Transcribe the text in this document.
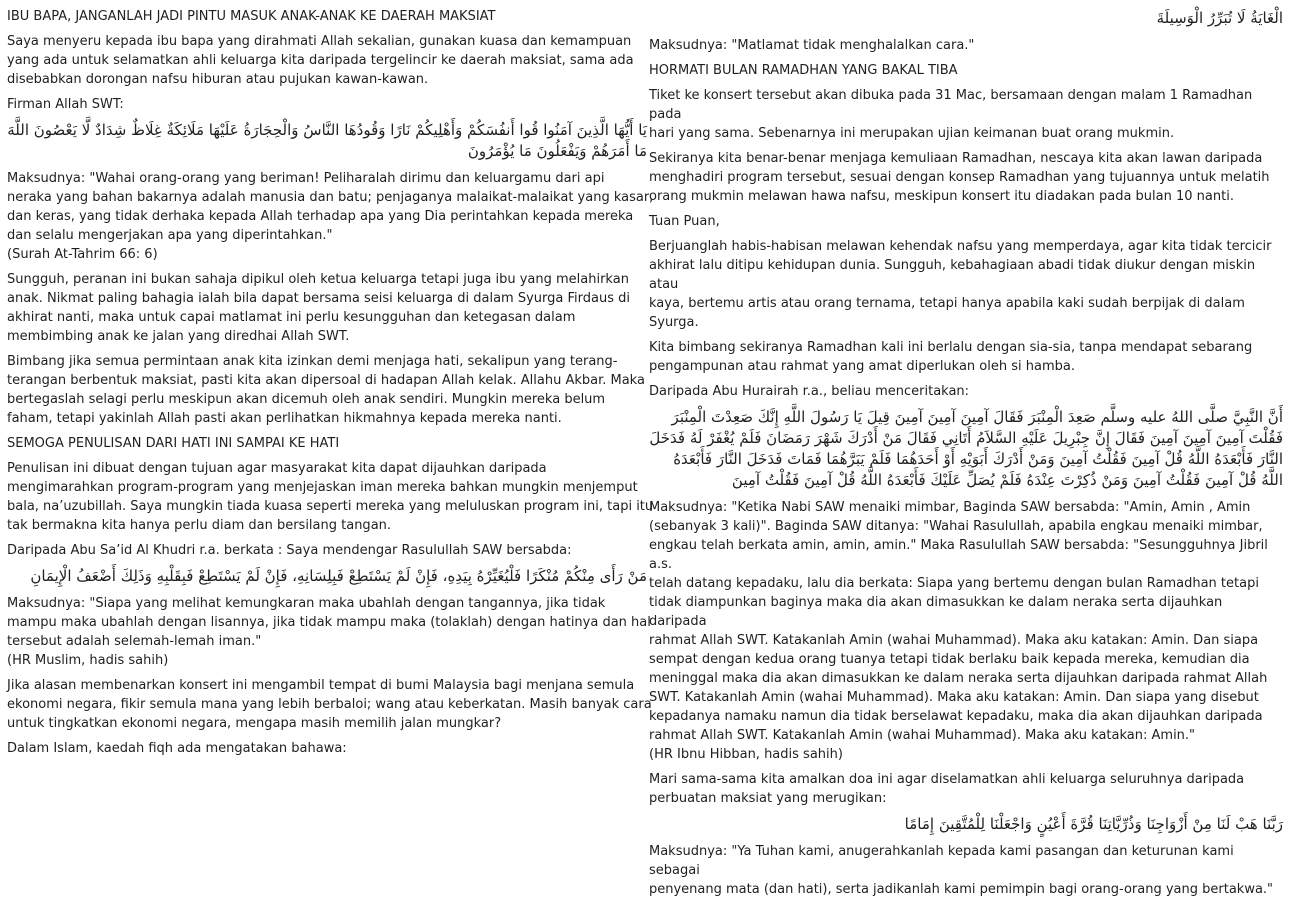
IBU BAPA, JANGANLAH JADI PINTU MASUK ANAK-ANAK KE DAERAH MAKSIAT

Saya menyeru kepada ibu bapa yang dirahmati Allah sekalian, gunakan kuasa dan kemampuan
yang ada untuk selamatkan ahli keluarga kita daripada tergelincir ke daerah maksiat, sama ada
disebabkan dorongan nafsu hiburan atau pujukan kawan-kawan.

Firman Allah SWT:

يَا أَيُّهَا الَّذِينَ آمَنُوا قُوا أَنفُسَكُمْ وَأَهْلِيكُمْ نَارًا وَقُودُهَا النَّاسُ وَالْحِجَارَةُ عَلَيْهَا مَلَائِكَةٌ غِلَاظٌ شِدَادٌ لَّا يَعْصُونَ اللَّهَ مَا أَمَرَهُمْ وَيَفْعَلُونَ مَا يُؤْمَرُونَ

Maksudnya: "Wahai orang-orang yang beriman! Peliharalah dirimu dan keluargamu dari api
neraka yang bahan bakarnya adalah manusia dan batu; penjaganya malaikat-malaikat yang kasar,
dan keras, yang tidak derhaka kepada Allah terhadap apa yang Dia perintahkan kepada mereka
dan selalu mengerjakan apa yang diperintahkan."

(Surah At-Tahrim 66: 6)

Sungguh, peranan ini bukan sahaja dipikul oleh ketua keluarga tetapi juga ibu yang melahirkan
anak. Nikmat paling bahagia ialah bila dapat bersama seisi keluarga di dalam Syurga Firdaus di
akhirat nanti, maka untuk capai matlamat ini perlu kesungguhan dan ketegasan dalam
membimbing anak ke jalan yang diredhai Allah SWT.

Bimbang jika semua permintaan anak kita izinkan demi menjaga hati, sekalipun yang terang-
terangan berbentuk maksiat, pasti kita akan dipersoal di hadapan Allah kelak. Allahu Akbar. Maka
bertegaslah selagi perlu meskipun akan dicemuh oleh anak sendiri. Mungkin mereka belum
faham, tetapi yakinlah Allah pasti akan perlihatkan hikmahnya kepada mereka nanti.

SEMOGA PENULISAN DARI HATI INI SAMPAI KE HATI

Penulisan ini dibuat dengan tujuan agar masyarakat kita dapat dijauhkan daripada
mengimarahkan program-program yang menjejaskan iman mereka bahkan mungkin menjemput
bala, na’uzubillah. Saya mungkin tiada kuasa seperti mereka yang meluluskan program ini, tapi itu
tak bermakna kita hanya perlu diam dan bersilang tangan.

Daripada Abu Sa’id Al Khudri r.a. berkata : Saya mendengar Rasulullah SAW bersabda:

مَنْ رَأَى مِنْكُمْ مُنْكَرًا فَلْيُغَيِّرْهُ بِيَدِهِ، فَإِنْ لَمْ يَسْتَطِعْ فَبِلِسَانِهِ، فَإِنْ لَمْ يَسْتَطِعْ فَبِقَلْبِهِ وَذَلِكَ أَضْعَفُ الْإِيمَانِ

Maksudnya: "Siapa yang melihat kemungkaran maka ubahlah dengan tangannya, jika tidak
mampu maka ubahlah dengan lisannya, jika tidak mampu maka (tolaklah) dengan hatinya dan hal
tersebut adalah selemah-lemah iman."

(HR Muslim, hadis sahih)

Jika alasan membenarkan konsert ini mengambil tempat di bumi Malaysia bagi menjana semula
ekonomi negara, fikir semula mana yang lebih berbaloi; wang atau keberkatan. Masih banyak cara
untuk tingkatkan ekonomi negara, mengapa masih memilih jalan mungkar?

Dalam Islam, kaedah fiqh ada mengatakan bahawa:

الْغَايَةُ لَا تُبَرِّرُ الْوَسِيلَةَ

Maksudnya: "Matlamat tidak menghalalkan cara."

HORMATI BULAN RAMADHAN YANG BAKAL TIBA

Tiket ke konsert tersebut akan dibuka pada 31 Mac, bersamaan dengan malam 1 Ramadhan pada
hari yang sama. Sebenarnya ini merupakan ujian keimanan buat orang mukmin.

Sekiranya kita benar-benar menjaga kemuliaan Ramadhan, nescaya kita akan lawan daripada
menghadiri program tersebut, sesuai dengan konsep Ramadhan yang tujuannya untuk melatih
orang mukmin melawan hawa nafsu, meskipun konsert itu diadakan pada bulan 10 nanti.

Tuan Puan,

Berjuanglah habis-habisan melawan kehendak nafsu yang memperdaya, agar kita tidak tercicir
akhirat lalu ditipu kehidupan dunia. Sungguh, kebahagiaan abadi tidak diukur dengan miskin atau
kaya, bertemu artis atau orang ternama, tetapi hanya apabila kaki sudah berpijak di dalam Syurga.

Kita bimbang sekiranya Ramadhan kali ini berlalu dengan sia-sia, tanpa mendapat sebarang
pengampunan atau rahmat yang amat diperlukan oleh si hamba.

Daripada Abu Hurairah r.a., beliau menceritakan:

أَنَّ النَّبِيَّ صلَّى اللهُ عليه وسلَّم صَعِدَ الْمِنْبَرَ فَقَالَ آمِينَ آمِينَ آمِينَ قِيلَ يَا رَسُولَ اللَّهِ إِنَّكَ صَعِدْتَ الْمِنْبَرَ فَقُلْتَ آمِينَ آمِينَ آمِينَ فَقَالَ إِنَّ جِبْرِيلَ عَلَيْهِ السَّلاَمُ أَتَانِي فَقَالَ مَنْ أَدْرَكَ شَهْرَ رَمَضَانَ فَلَمْ يُغْفَرْ لَهُ فَدَخَلَ النَّارَ فَأَبْعَدَهُ اللَّهُ قُلْ آمِينَ فَقُلْتُ آمِينَ وَمَنْ أَدْرَكَ أَبَوَيْهِ أَوْ أَحَدَهُمَا فَلَمْ يَبَرَّهُمَا فَمَاتَ فَدَخَلَ النَّارَ فَأَبْعَدَهُ اللَّهُ قُلْ آمِينَ فَقُلْتُ آمِينَ وَمَنْ ذُكِرْتَ عِنْدَهُ فَلَمْ يُصَلِّ عَلَيْكَ فَأَبْعَدَهُ اللَّهُ قُلْ آمِينَ فَقُلْتُ آمِينَ

Maksudnya: "Ketika Nabi SAW menaiki mimbar, Baginda SAW bersabda: "Amin, Amin , Amin
(sebanyak 3 kali)". Baginda SAW ditanya: "Wahai Rasulullah, apabila engkau menaiki mimbar,
engkau telah berkata amin, amin, amin." Maka Rasulullah SAW bersabda: "Sesungguhnya Jibril a.s.
telah datang kepadaku, lalu dia berkata: Siapa yang bertemu dengan bulan Ramadhan tetapi
tidak diampunkan baginya maka dia akan dimasukkan ke dalam neraka serta dijauhkan daripada
rahmat Allah SWT. Katakanlah Amin (wahai Muhammad). Maka aku katakan: Amin. Dan siapa
sempat dengan kedua orang tuanya tetapi tidak berlaku baik kepada mereka, kemudian dia
meninggal maka dia akan dimasukkan ke dalam neraka serta dijauhkan daripada rahmat Allah
SWT. Katakanlah Amin (wahai Muhammad). Maka aku katakan: Amin. Dan siapa yang disebut
kepadanya namaku namun dia tidak berselawat kepadaku, maka dia akan dijauhkan daripada
rahmat Allah SWT. Katakanlah Amin (wahai Muhammad). Maka aku katakan: Amin."

(HR Ibnu Hibban, hadis sahih)

Mari sama-sama kita amalkan doa ini agar diselamatkan ahli keluarga seluruhnya daripada
perbuatan maksiat yang merugikan:

رَبَّنَا هَبْ لَنَا مِنْ أَزْوَاجِنَا وَذُرِّيَّاتِنَا قُرَّةَ أَعْيُنٍ وَاجْعَلْنَا لِلْمُتَّقِينَ إِمَامًا

Maksudnya: "Ya Tuhan kami, anugerahkanlah kepada kami pasangan dan keturunan kami sebagai
penyenang mata (dan hati), serta jadikanlah kami pemimpin bagi orang-orang yang bertakwa."
